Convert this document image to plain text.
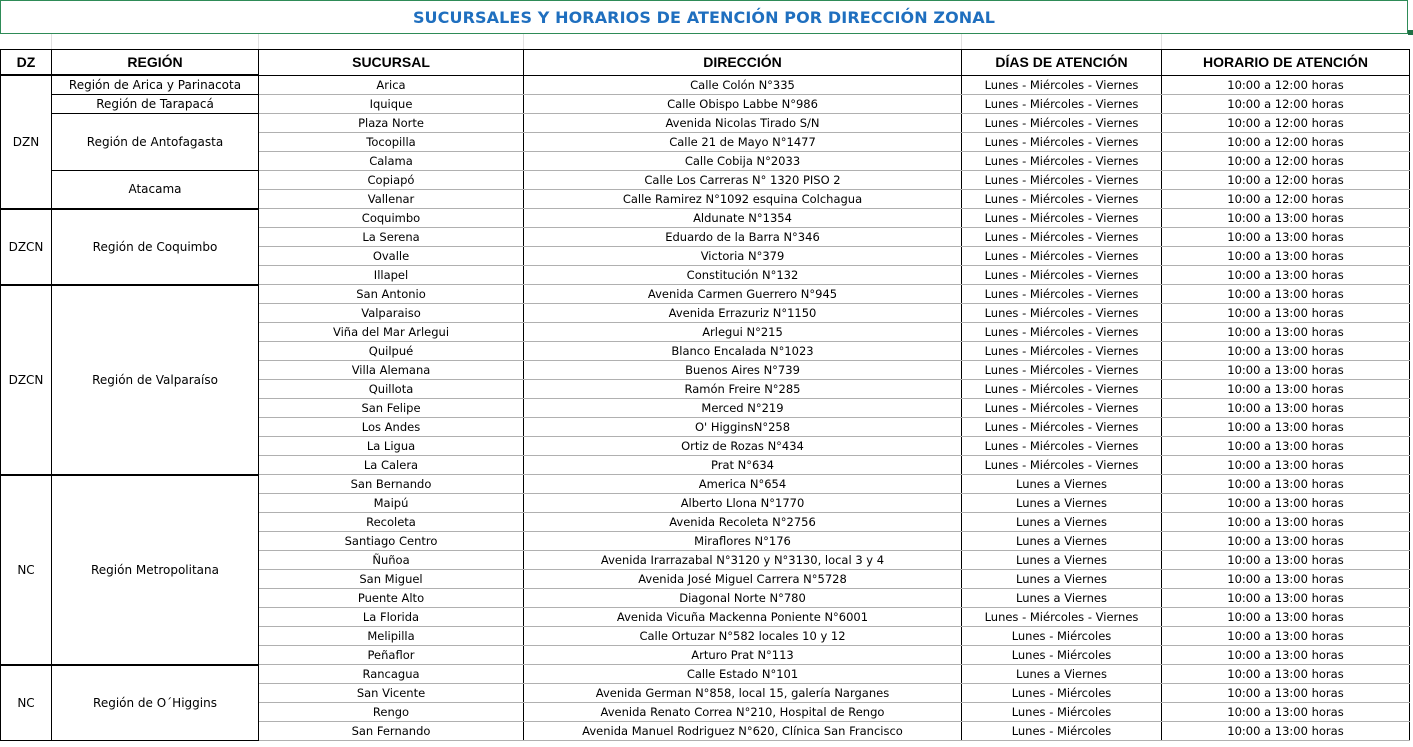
SUCURSALES Y HORARIOS DE ATENCIÓN POR DIRECCIÓN ZONAL
DZ	REGIÓN	SUCURSAL	DIRECCIÓN	DÍAS DE ATENCIÓN	HORARIO DE ATENCIÓN
DZN	Región de Arica y Parinacota	Arica	Calle Colón N°335	Lunes - Miércoles - Viernes	10:00 a 12:00 horas
	Región de Tarapacá	Iquique	Calle Obispo Labbe N°986	Lunes - Miércoles - Viernes	10:00 a 12:00 horas
	Región de Antofagasta	Plaza Norte	Avenida Nicolas Tirado S/N	Lunes - Miércoles - Viernes	10:00 a 12:00 horas
		Tocopilla	Calle 21 de Mayo N°1477	Lunes - Miércoles - Viernes	10:00 a 12:00 horas
		Calama	Calle Cobija N°2033	Lunes - Miércoles - Viernes	10:00 a 12:00 horas
	Atacama	Copiapó	Calle Los Carreras N° 1320 PISO 2	Lunes - Miércoles - Viernes	10:00 a 12:00 horas
		Vallenar	Calle Ramirez N°1092 esquina Colchagua	Lunes - Miércoles - Viernes	10:00 a 12:00 horas
DZCN	Región de Coquimbo	Coquimbo	Aldunate N°1354	Lunes - Miércoles - Viernes	10:00 a 13:00 horas
		La Serena	Eduardo de la Barra N°346	Lunes - Miércoles - Viernes	10:00 a 13:00 horas
		Ovalle	Victoria N°379	Lunes - Miércoles - Viernes	10:00 a 13:00 horas
		Illapel	Constitución N°132	Lunes - Miércoles - Viernes	10:00 a 13:00 horas
DZCN	Región de Valparaíso	San Antonio	Avenida Carmen Guerrero N°945	Lunes - Miércoles - Viernes	10:00 a 13:00 horas
		Valparaiso	Avenida Errazuriz N°1150	Lunes - Miércoles - Viernes	10:00 a 13:00 horas
		Viña del Mar Arlegui	Arlegui N°215	Lunes - Miércoles - Viernes	10:00 a 13:00 horas
		Quilpué	Blanco Encalada N°1023	Lunes - Miércoles - Viernes	10:00 a 13:00 horas
		Villa Alemana	Buenos Aires N°739	Lunes - Miércoles - Viernes	10:00 a 13:00 horas
		Quillota	Ramón Freire N°285	Lunes - Miércoles - Viernes	10:00 a 13:00 horas
		San Felipe	Merced N°219	Lunes - Miércoles - Viernes	10:00 a 13:00 horas
		Los Andes	O' HigginsN°258	Lunes - Miércoles - Viernes	10:00 a 13:00 horas
		La Ligua	Ortiz de Rozas N°434	Lunes - Miércoles - Viernes	10:00 a 13:00 horas
		La Calera	Prat N°634	Lunes - Miércoles - Viernes	10:00 a 13:00 horas
NC	Región Metropolitana	San Bernando	America N°654	Lunes a Viernes	10:00 a 13:00 horas
		Maipú	Alberto Llona N°1770	Lunes a Viernes	10:00 a 13:00 horas
		Recoleta	Avenida Recoleta N°2756	Lunes a Viernes	10:00 a 13:00 horas
		Santiago Centro	Miraflores N°176	Lunes a Viernes	10:00 a 13:00 horas
		Ñuñoa	Avenida Irarrazabal N°3120 y N°3130, local 3 y 4	Lunes a Viernes	10:00 a 13:00 horas
		San Miguel	Avenida José Miguel Carrera N°5728	Lunes a Viernes	10:00 a 13:00 horas
		Puente Alto	Diagonal Norte N°780	Lunes a Viernes	10:00 a 13:00 horas
		La Florida	Avenida Vicuña Mackenna Poniente N°6001	Lunes - Miércoles - Viernes	10:00 a 13:00 horas
		Melipilla	Calle Ortuzar N°582 locales 10 y 12	Lunes - Miércoles	10:00 a 13:00 horas
		Peñaflor	Arturo Prat N°113	Lunes - Miércoles	10:00 a 13:00 horas
NC	Región de O´Higgins	Rancagua	Calle Estado N°101	Lunes a Viernes	10:00 a 13:00 horas
		San Vicente	Avenida German N°858, local 15, galería Narganes	Lunes - Miércoles	10:00 a 13:00 horas
		Rengo	Avenida Renato Correa N°210, Hospital de Rengo	Lunes - Miércoles	10:00 a 13:00 horas
		San Fernando	Avenida Manuel Rodriguez N°620, Clínica San Francisco	Lunes - Miércoles	10:00 a 13:00 horas
